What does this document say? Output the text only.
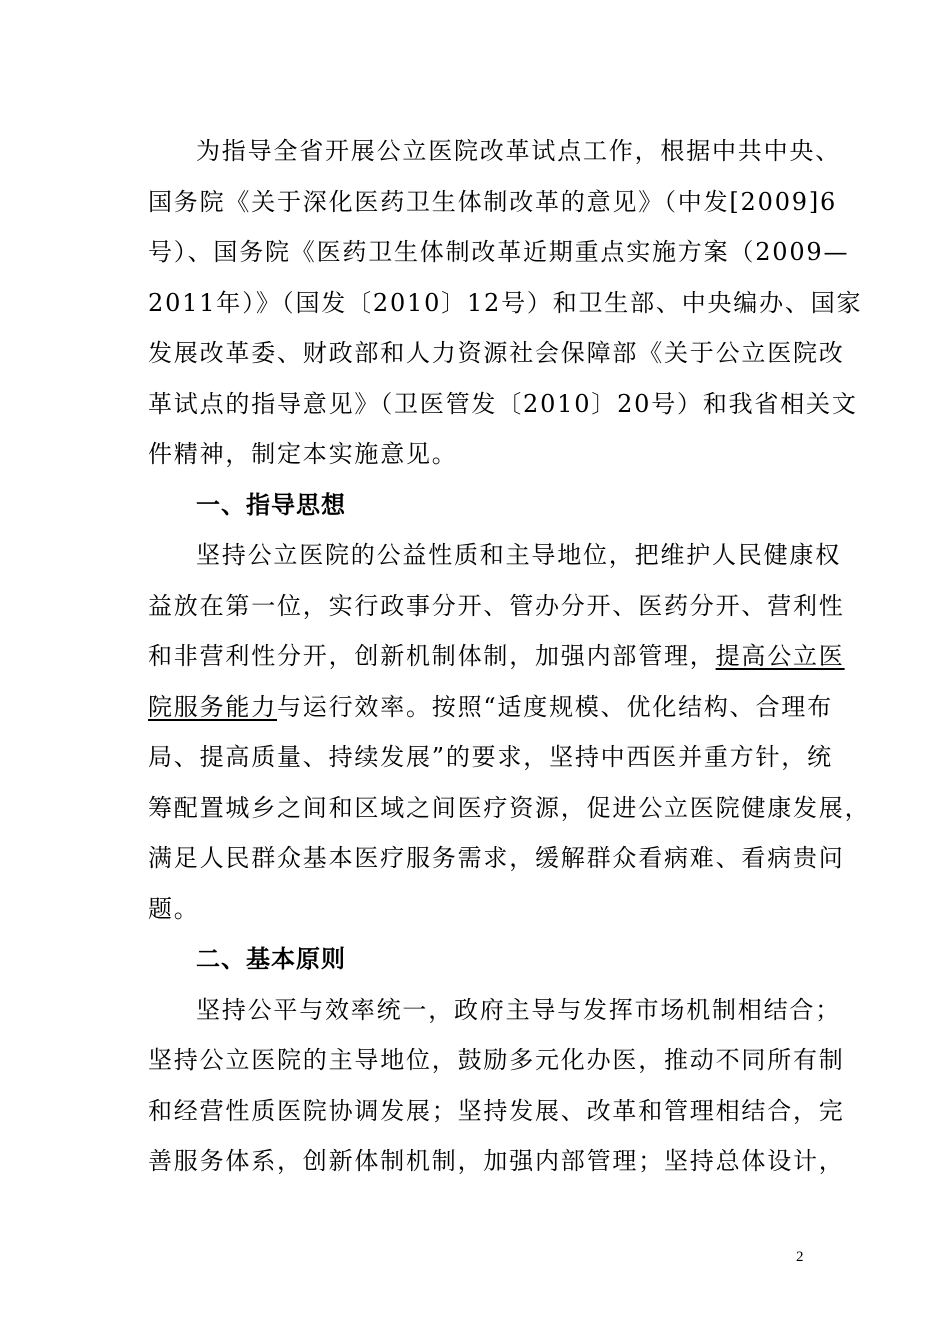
为指导全省开展公立医院改革试点工作，根据中共中央、
国务院《关于深化医药卫生体制改革的意见》（中发[2009]6
号）、国务院《医药卫生体制改革近期重点实施方案（2009—
2011年）》（国发〔2010〕12号）和卫生部、中央编办、国家
发展改革委、财政部和人力资源社会保障部《关于公立医院改
革试点的指导意见》（卫医管发〔2010〕20号）和我省相关文
件精神，制定本实施意见。
一、指导思想
坚持公立医院的公益性质和主导地位，把维护人民健康权
益放在第一位，实行政事分开、管办分开、医药分开、营利性
和非营利性分开，创新机制体制，加强内部管理，提高公立医
院服务能力与运行效率。按照“适度规模、优化结构、合理布
局、提高质量、持续发展”的要求，坚持中西医并重方针，统
筹配置城乡之间和区域之间医疗资源，促进公立医院健康发展，
满足人民群众基本医疗服务需求，缓解群众看病难、看病贵问
题。
二、基本原则
坚持公平与效率统一，政府主导与发挥市场机制相结合；
坚持公立医院的主导地位，鼓励多元化办医，推动不同所有制
和经营性质医院协调发展；坚持发展、改革和管理相结合，完
善服务体系，创新体制机制，加强内部管理；坚持总体设计，
2
